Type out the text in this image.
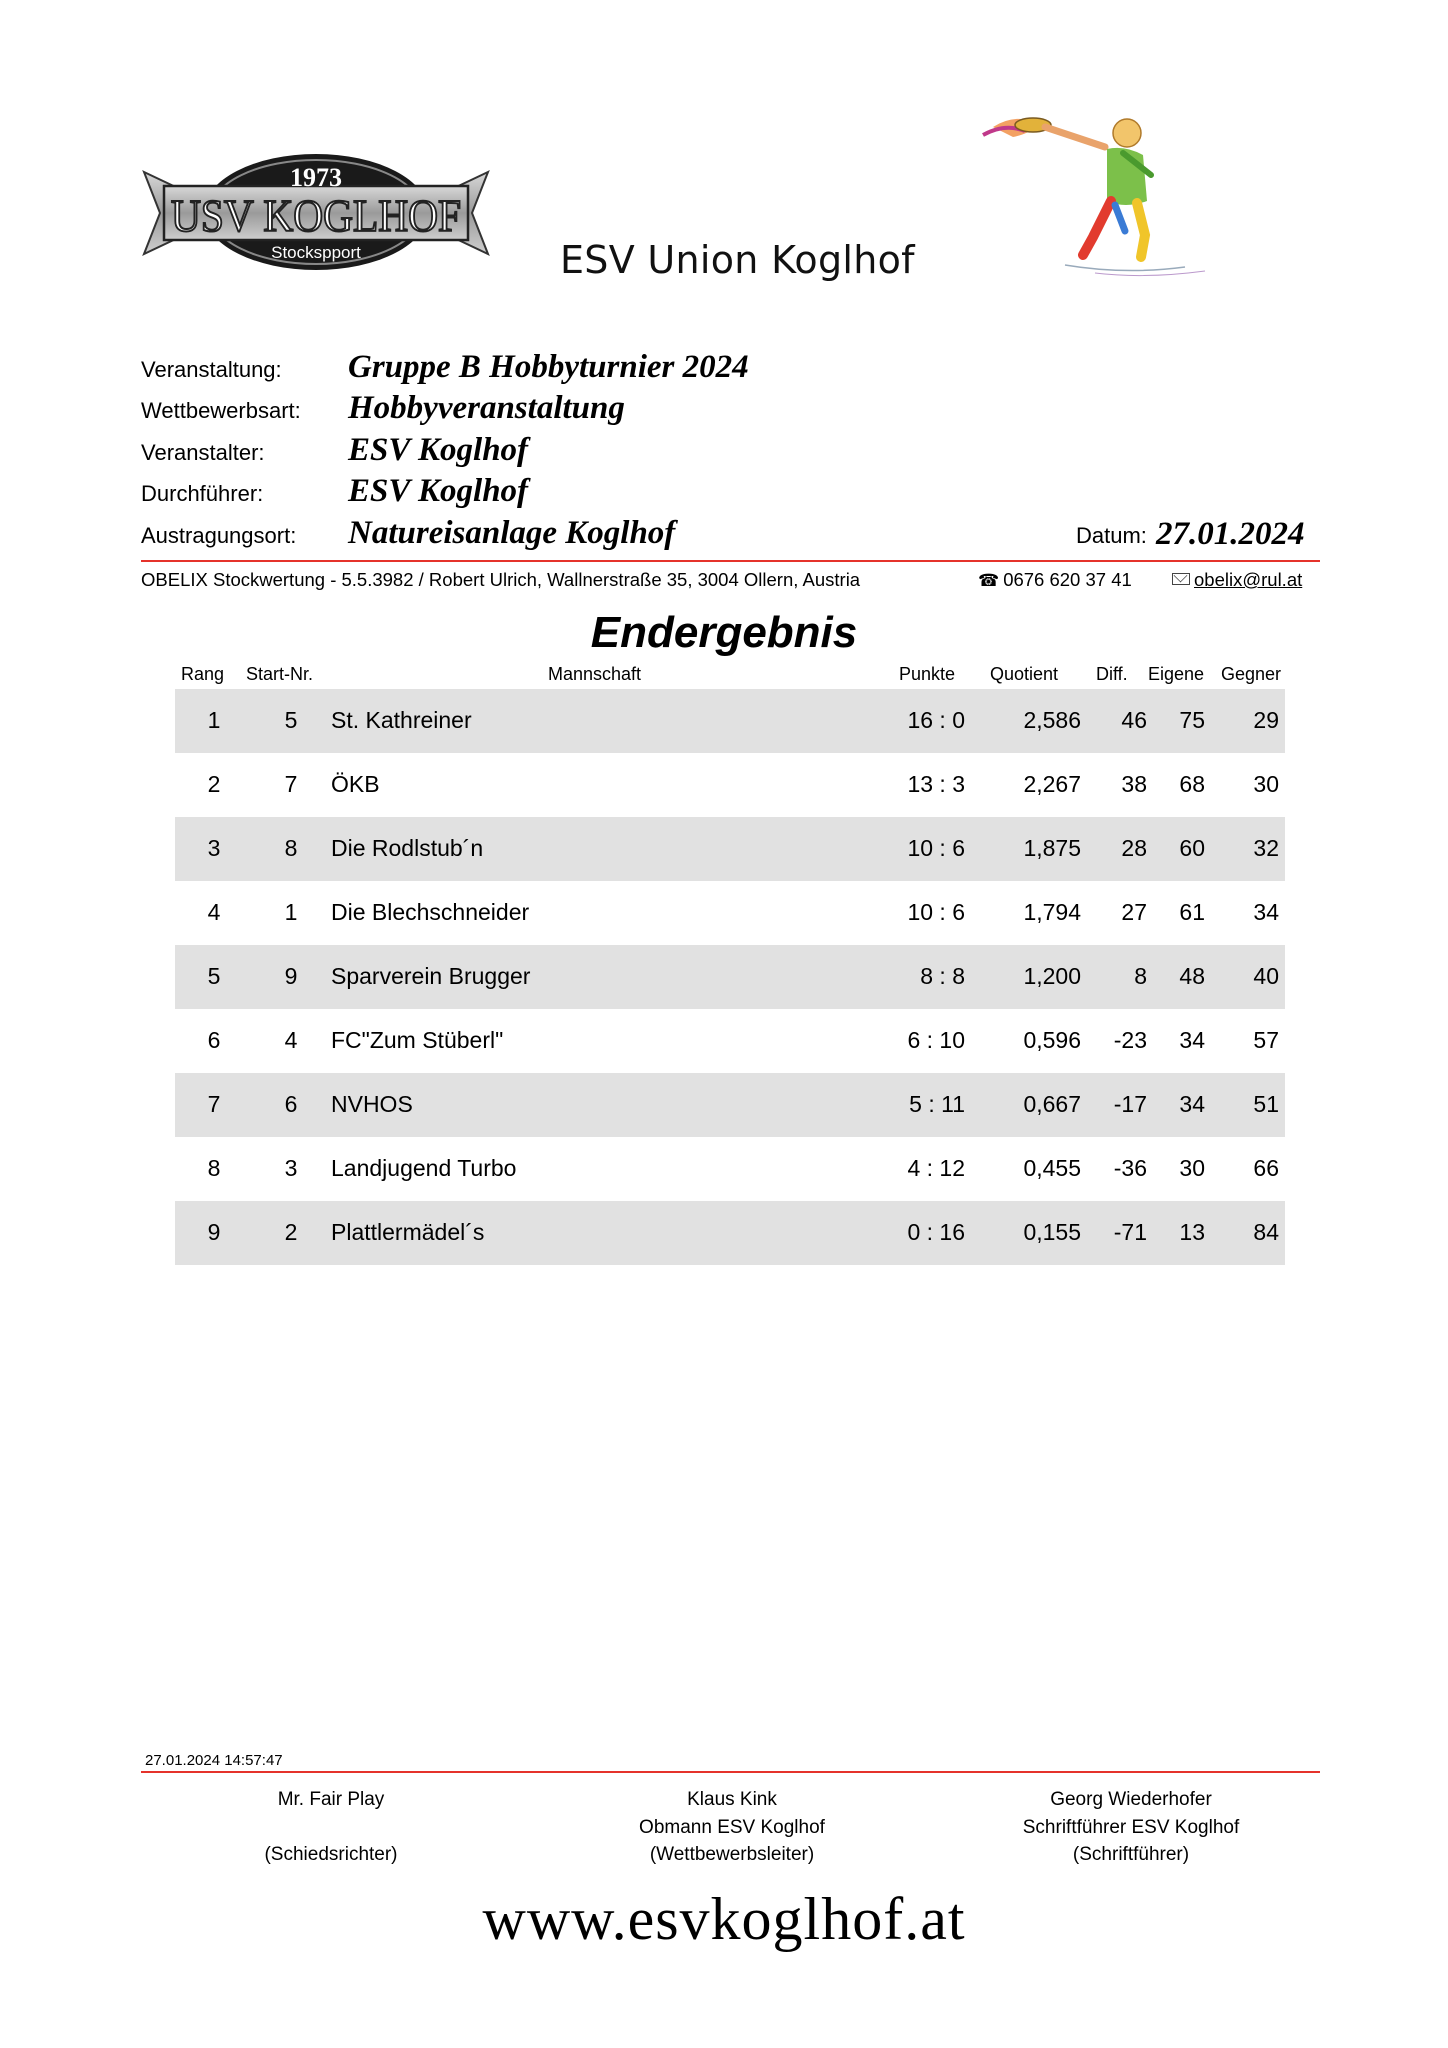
1973
USV KOGLHOF
Stockspport	ESV Union Koglhof
Veranstaltung: Gruppe B Hobbyturnier 2024
Wettbewerbsart: Hobbyveranstaltung
Veranstalter:	ESV Koglhof
Durchführer:	ESV Koglhof
Austragungsort: Natureisanlage Koglhof	Datum: 27.01.2024
OBELIX Stockwertung - 5.5.3982 / Robert Ulrich, Wallnerstraße 35, 3004 Ollern, Austria	☎ 0676 620 37 41	obelix@rul.at
Endergebnis
Rang Start-Nr.	Mannschaft	Punkte Quotient Diff. Eigene Gegner
1	5	St. Kathreiner	16 : 0	2,586	46	75	29
2	7	ÖKB	13 : 3	2,267	38	68	30
3	8	Die Rodlstub´n	10 : 6	1,875	28	60	32
4	1	Die Blechschneider	10 : 6	1,794	27	61	34
5	9	Sparverein Brugger	8 : 8	1,200	8	48	40
6	4	FC"Zum Stüberl"	6 : 10	0,596	-23	34	57
7	6	NVHOS	5 : 11	0,667	-17	34	51
8	3	Landjugend Turbo	4 : 12	0,455	-36	30	66
9	2	Plattlermädel´s	0 : 16	0,155	-71	13	84
27.01.2024 14:57:47
Mr. Fair Play
(Schiedsrichter)
Klaus Kink
Obmann ESV Koglhof
(Wettbewerbsleiter)
Georg Wiederhofer
Schriftführer ESV Koglhof
(Schriftführer)
www.esvkoglhof.at
